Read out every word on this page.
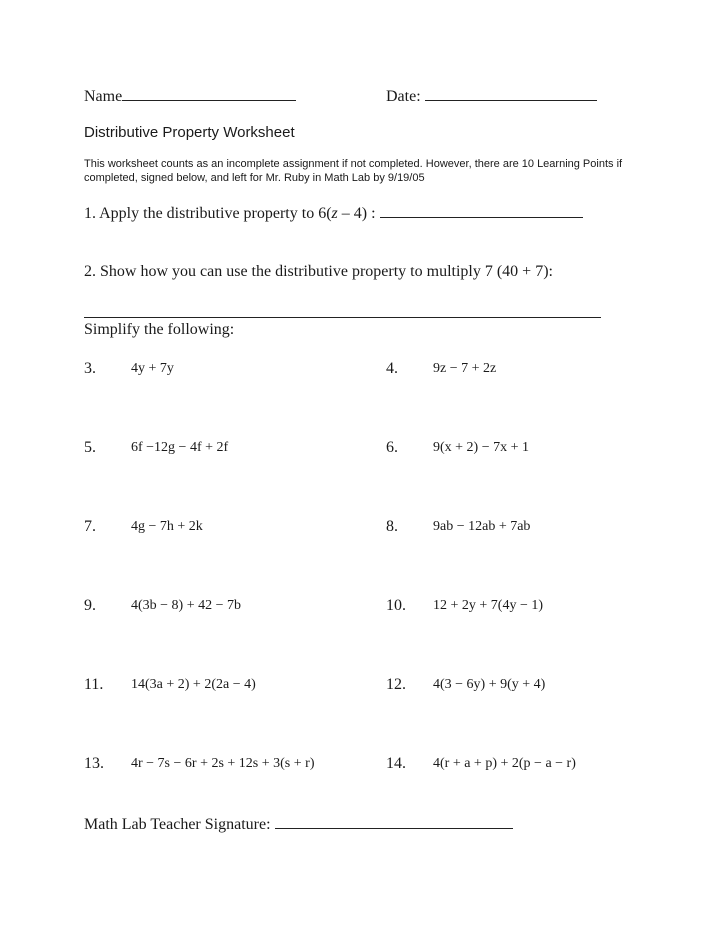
Name	Date:
Distributive Property Worksheet
This worksheet counts as an incomplete assignment if not completed. However, there are 10 Learning Points if completed, signed below, and left for Mr. Ruby in Math Lab by 9/19/05
1. Apply the distributive property to 6(z – 4) :
2. Show how you can use the distributive property to multiply 7 (40 + 7):
Simplify the following:
3.	4y + 7y	4.	9z − 7 + 2z
5.	6f −12g − 4f + 2f	6.	9(x + 2) − 7x + 1
7.	4g − 7h + 2k	8.	9ab − 12ab + 7ab
9.	4(3b − 8) + 42 − 7b	10. 12 + 2y + 7(4y − 1)
11. 14(3a + 2) + 2(2a − 4)	12. 4(3 − 6y) + 9(y + 4)
13. 4r − 7s − 6r + 2s + 12s + 3(s + r)	14. 4(r + a + p) + 2(p − a − r)
Math Lab Teacher Signature:
